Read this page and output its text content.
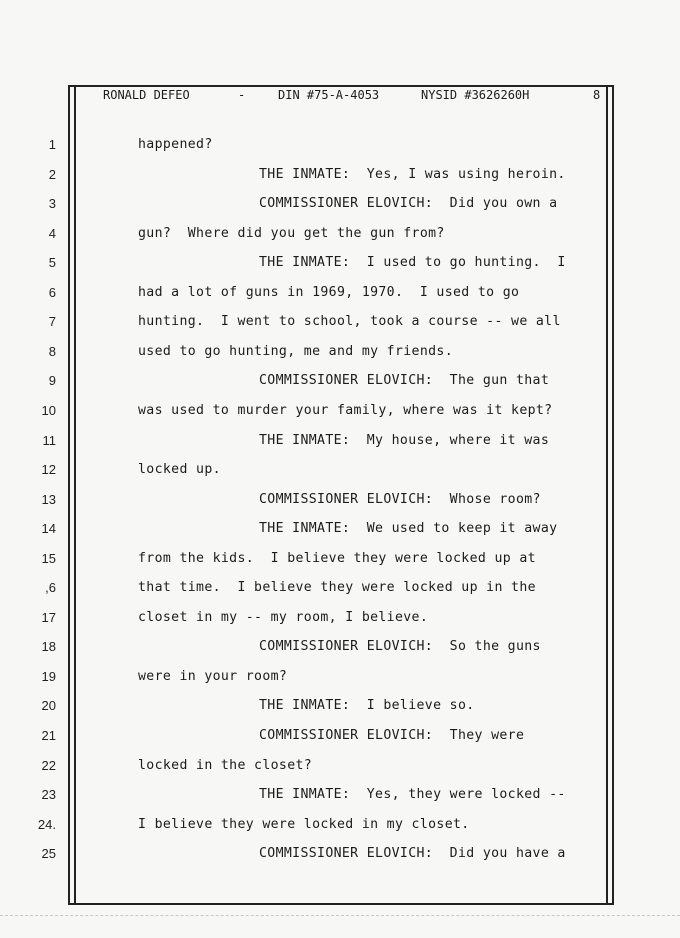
RONALD DEFEO	-	DIN #75-A-4053	NYSID #3626260H	8
1	happened?
2	THE INMATE:  Yes, I was using heroin.
3	COMMISSIONER ELOVICH:  Did you own a
4	gun?  Where did you get the gun from?
5	THE INMATE:  I used to go hunting.  I
6	had a lot of guns in 1969, 1970.  I used to go
7	hunting.  I went to school, took a course -- we all
8	used to go hunting, me and my friends.
9	COMMISSIONER ELOVICH:  The gun that
10	was used to murder your family, where was it kept?
11	THE INMATE:  My house, where it was
12	locked up.
13	COMMISSIONER ELOVICH:  Whose room?
14	THE INMATE:  We used to keep it away
15	from the kids.  I believe they were locked up at
,6	that time.  I believe they were locked up in the
17	closet in my -- my room, I believe.
18	COMMISSIONER ELOVICH:  So the guns
19	were in your room?
20	THE INMATE:  I believe so.
21	COMMISSIONER ELOVICH:  They were
22	locked in the closet?
23	THE INMATE:  Yes, they were locked --
24.	I believe they were locked in my closet.
25	COMMISSIONER ELOVICH:  Did you have a
